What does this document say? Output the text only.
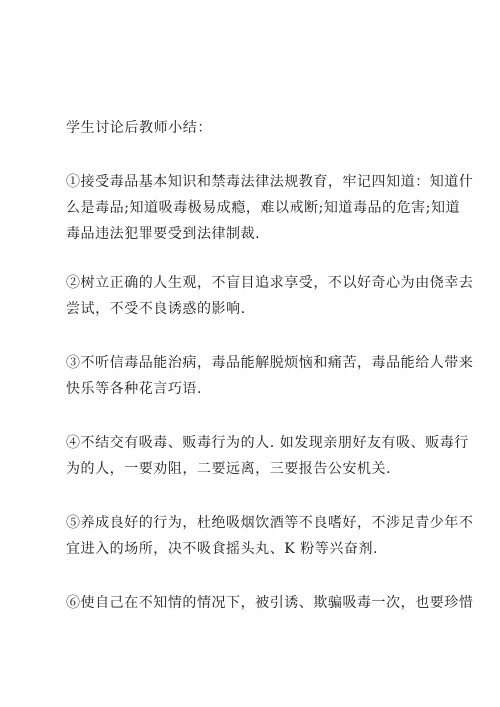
学生讨论后教师小结：

①接受毒品基本知识和禁毒法律法规教育，牢记四知道：知道什

么是毒品;知道吸毒极易成瘾，难以戒断;知道毒品的危害;知道

毒品违法犯罪要受到法律制裁.

②树立正确的人生观，不盲目追求享受，不以好奇心为由侥幸去

尝试，不受不良诱惑的影响.

③不听信毒品能治病，毒品能解脱烦恼和痛苦，毒品能给人带来

快乐等各种花言巧语.

④不结交有吸毒、贩毒行为的人. 如发现亲朋好友有吸、贩毒行

为的人，一要劝阻，二要远离，三要报告公安机关.

⑤养成良好的行为，杜绝吸烟饮酒等不良嗜好，不涉足青少年不

宜进入的场所，决不吸食摇头丸、K 粉等兴奋剂.

⑥使自己在不知情的情况下，被引诱、欺骗吸毒一次，也要珍惜
